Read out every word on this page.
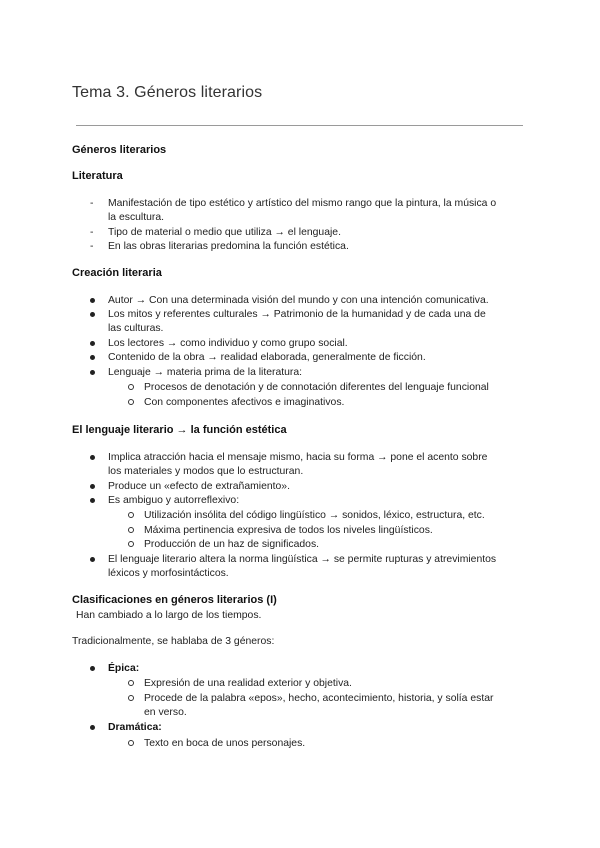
Tema 3. Géneros literarios
Géneros literarios
Literatura
- Manifestación de tipo estético y artístico del mismo rango que la pintura, la música o
la escultura.
- Tipo de material o medio que utiliza → el lenguaje.
- En las obras literarias predomina la función estética.
Creación literaria
Autor → Con una determinada visión del mundo y con una intención comunicativa.
Los mitos y referentes culturales → Patrimonio de la humanidad y de cada una de
las culturas.
Los lectores → como individuo y como grupo social.
Contenido de la obra → realidad elaborada, generalmente de ficción.
Lenguaje → materia prima de la literatura:
Procesos de denotación y de connotación diferentes del lenguaje funcional
Con componentes afectivos e imaginativos.
El lenguaje literario → la función estética
Implica atracción hacia el mensaje mismo, hacia su forma → pone el acento sobre
los materiales y modos que lo estructuran.
Produce un «efecto de extrañamiento».
Es ambiguo y autorreflexivo:
Utilización insólita del código lingüístico → sonidos, léxico, estructura, etc.
Máxima pertinencia expresiva de todos los niveles lingüísticos.
Producción de un haz de significados.
El lenguaje literario altera la norma lingüística → se permite rupturas y atrevimientos
léxicos y morfosintácticos.
Clasificaciones en géneros literarios (I)
Han cambiado a lo largo de los tiempos.
Tradicionalmente, se hablaba de 3 géneros:
Épica:
Expresión de una realidad exterior y objetiva.
Procede de la palabra «epos», hecho, acontecimiento, historia, y solía estar
en verso.
Dramática:
Texto en boca de unos personajes.
